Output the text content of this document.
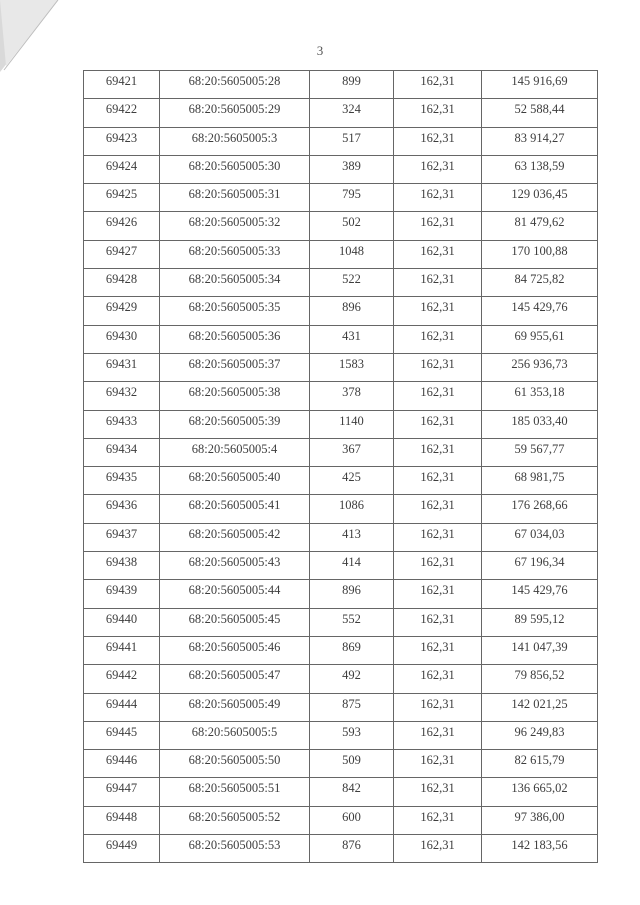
3
69421	68:20:5605005:28	899	162,31	145 916,69
69422	68:20:5605005:29	324	162,31	52 588,44
69423	68:20:5605005:3	517	162,31	83 914,27
69424	68:20:5605005:30	389	162,31	63 138,59
69425	68:20:5605005:31	795	162,31	129 036,45
69426	68:20:5605005:32	502	162,31	81 479,62
69427	68:20:5605005:33	1048	162,31	170 100,88
69428	68:20:5605005:34	522	162,31	84 725,82
69429	68:20:5605005:35	896	162,31	145 429,76
69430	68:20:5605005:36	431	162,31	69 955,61
69431	68:20:5605005:37	1583	162,31	256 936,73
69432	68:20:5605005:38	378	162,31	61 353,18
69433	68:20:5605005:39	1140	162,31	185 033,40
69434	68:20:5605005:4	367	162,31	59 567,77
69435	68:20:5605005:40	425	162,31	68 981,75
69436	68:20:5605005:41	1086	162,31	176 268,66
69437	68:20:5605005:42	413	162,31	67 034,03
69438	68:20:5605005:43	414	162,31	67 196,34
69439	68:20:5605005:44	896	162,31	145 429,76
69440	68:20:5605005:45	552	162,31	89 595,12
69441	68:20:5605005:46	869	162,31	141 047,39
69442	68:20:5605005:47	492	162,31	79 856,52
69444	68:20:5605005:49	875	162,31	142 021,25
69445	68:20:5605005:5	593	162,31	96 249,83
69446	68:20:5605005:50	509	162,31	82 615,79
69447	68:20:5605005:51	842	162,31	136 665,02
69448	68:20:5605005:52	600	162,31	97 386,00
69449	68:20:5605005:53	876	162,31	142 183,56
